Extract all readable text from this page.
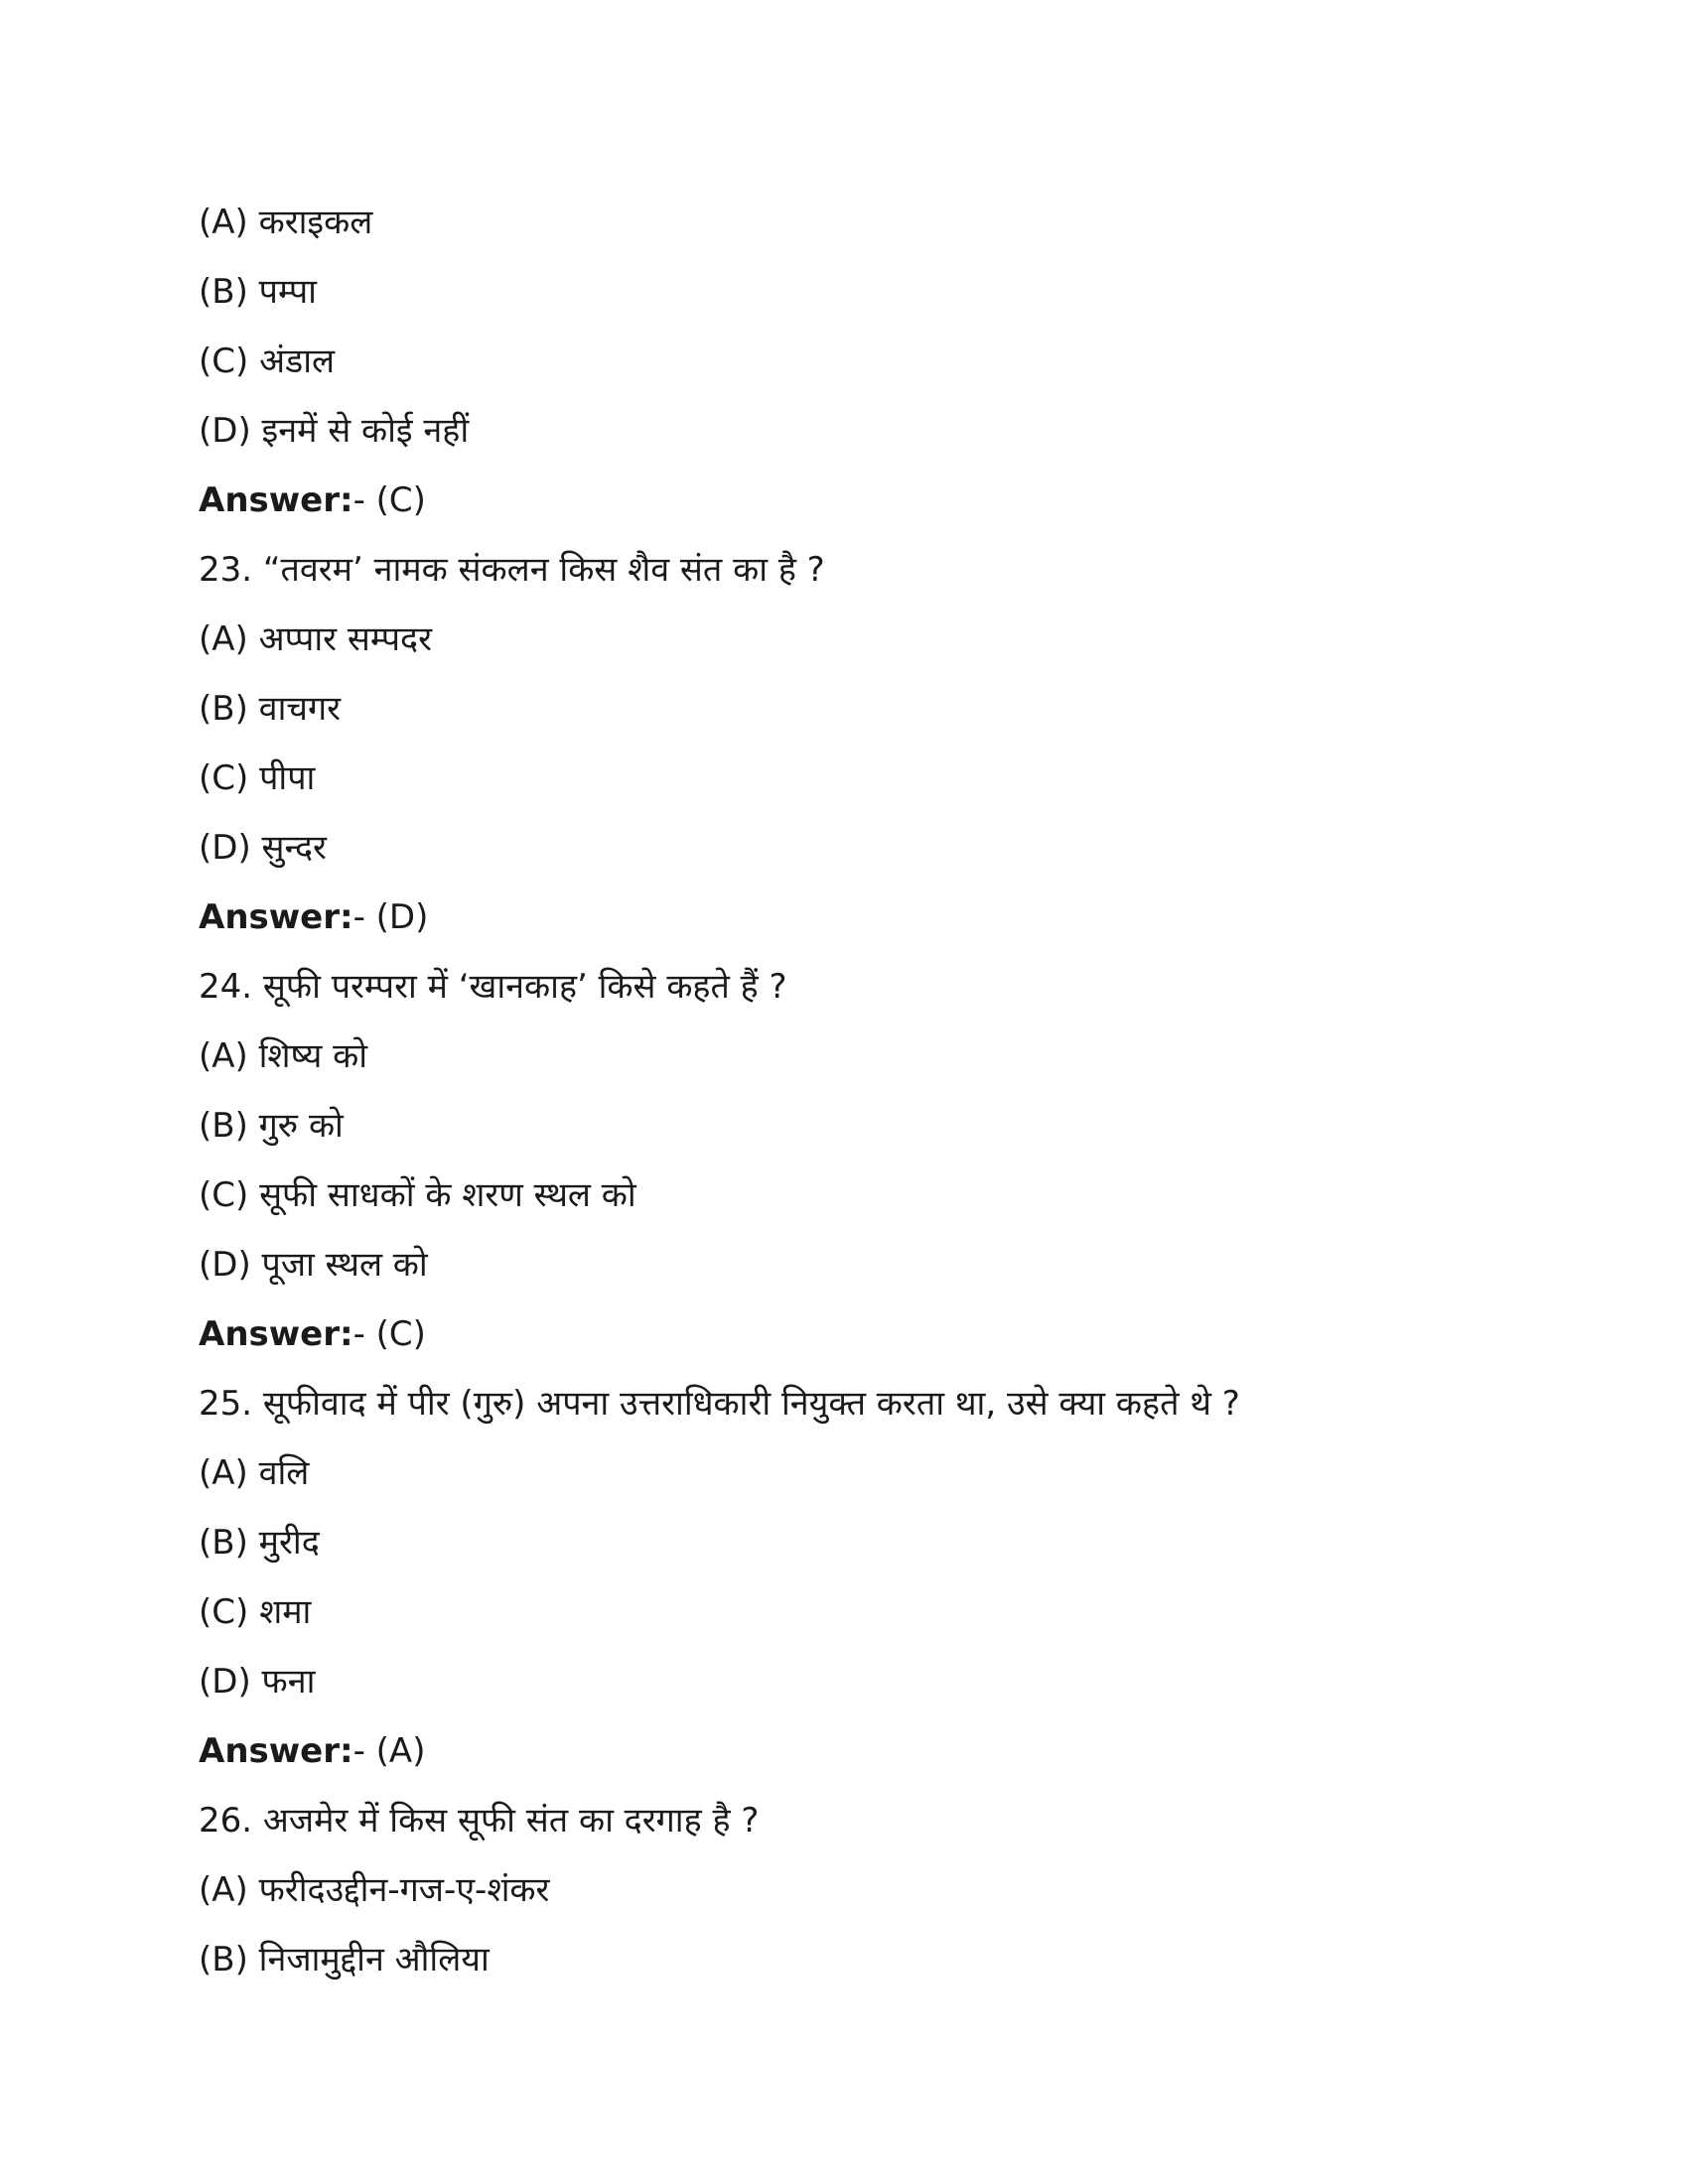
(A) कराइकल
(B) पम्पा
(C) अंडाल
(D) इनमें से कोई नहीं
Answer:- (C)
23. “तवरम’ नामक संकलन किस शैव संत का है ?
(A) अप्पार सम्पदर
(B) वाचगर
(C) पीपा
(D) सुन्दर
Answer:- (D)
24. सूफी परम्परा में ‘खानकाह’ किसे कहते हैं ?
(A) शिष्य को
(B) गुरु को
(C) सूफी साधकों के शरण स्थल को
(D) पूजा स्थल को
Answer:- (C)
25. सूफीवाद में पीर (गुरु) अपना उत्तराधिकारी नियुक्त करता था, उसे क्या कहते थे ?
(A) वलि
(B) मुरीद
(C) शमा
(D) फना
Answer:- (A)
26. अजमेर में किस सूफी संत का दरगाह है ?
(A) फरीदउद्दीन-गज-ए-शंकर
(B) निजामुद्दीन औलिया
